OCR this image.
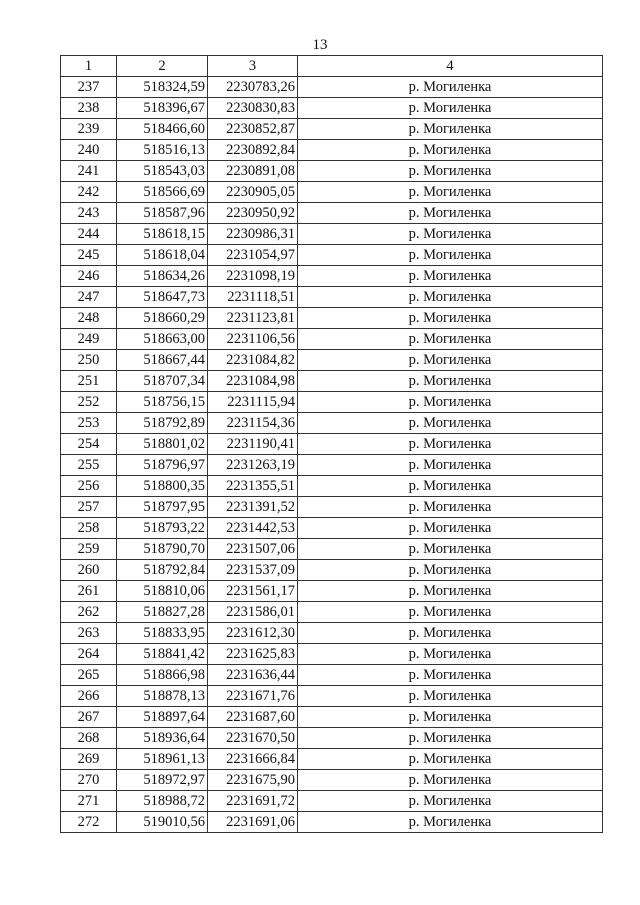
13
1	2	3	4
237	518324,59	2230783,26	р. Могиленка
238	518396,67	2230830,83	р. Могиленка
239	518466,60	2230852,87	р. Могиленка
240	518516,13	2230892,84	р. Могиленка
241	518543,03	2230891,08	р. Могиленка
242	518566,69	2230905,05	р. Могиленка
243	518587,96	2230950,92	р. Могиленка
244	518618,15	2230986,31	р. Могиленка
245	518618,04	2231054,97	р. Могиленка
246	518634,26	2231098,19	р. Могиленка
247	518647,73	2231118,51	р. Могиленка
248	518660,29	2231123,81	р. Могиленка
249	518663,00	2231106,56	р. Могиленка
250	518667,44	2231084,82	р. Могиленка
251	518707,34	2231084,98	р. Могиленка
252	518756,15	2231115,94	р. Могиленка
253	518792,89	2231154,36	р. Могиленка
254	518801,02	2231190,41	р. Могиленка
255	518796,97	2231263,19	р. Могиленка
256	518800,35	2231355,51	р. Могиленка
257	518797,95	2231391,52	р. Могиленка
258	518793,22	2231442,53	р. Могиленка
259	518790,70	2231507,06	р. Могиленка
260	518792,84	2231537,09	р. Могиленка
261	518810,06	2231561,17	р. Могиленка
262	518827,28	2231586,01	р. Могиленка
263	518833,95	2231612,30	р. Могиленка
264	518841,42	2231625,83	р. Могиленка
265	518866,98	2231636,44	р. Могиленка
266	518878,13	2231671,76	р. Могиленка
267	518897,64	2231687,60	р. Могиленка
268	518936,64	2231670,50	р. Могиленка
269	518961,13	2231666,84	р. Могиленка
270	518972,97	2231675,90	р. Могиленка
271	518988,72	2231691,72	р. Могиленка
272	519010,56	2231691,06	р. Могиленка
